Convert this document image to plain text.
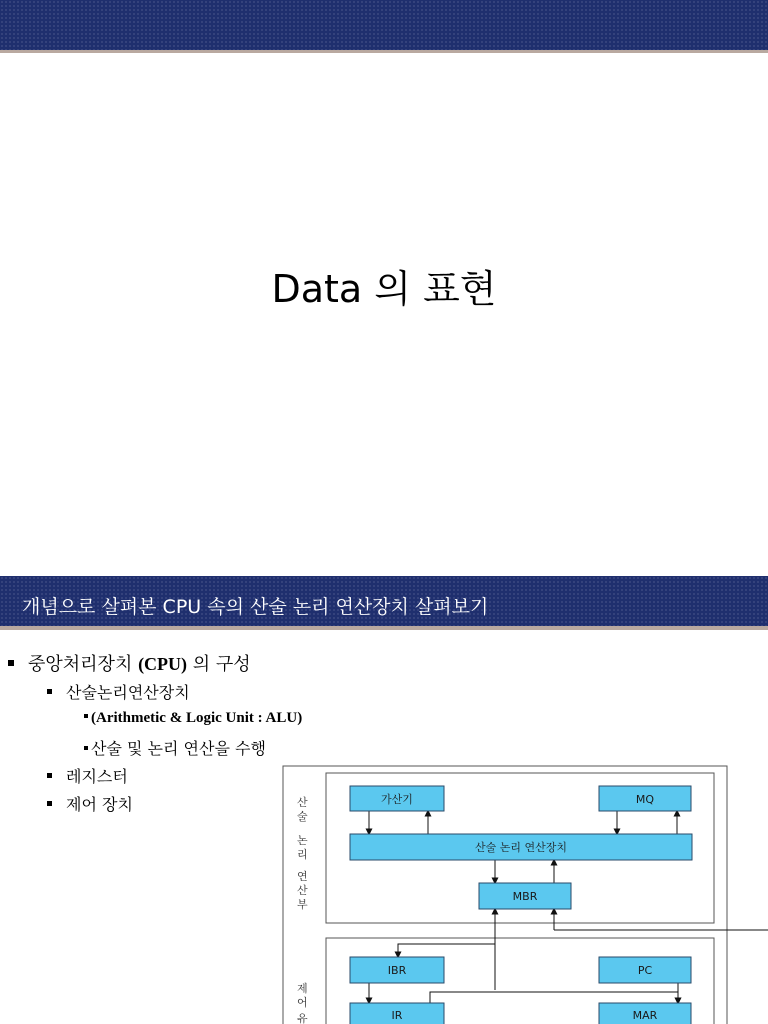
Data 의 표현
개념으로 살펴본 CPU 속의 산술 논리 연산장치 살펴보기
중앙처리장치 (CPU) 의 구성
산술논리연산장치
(Arithmetic & Logic Unit : ALU)
산술 및 논리 연산을 수행
레지스터
제어 장치	산
술
논
리
연
산
부
제
어
유
가산기	MQ
산술 논리 연산장치
MBR
IBR	PC
IR	MAR
